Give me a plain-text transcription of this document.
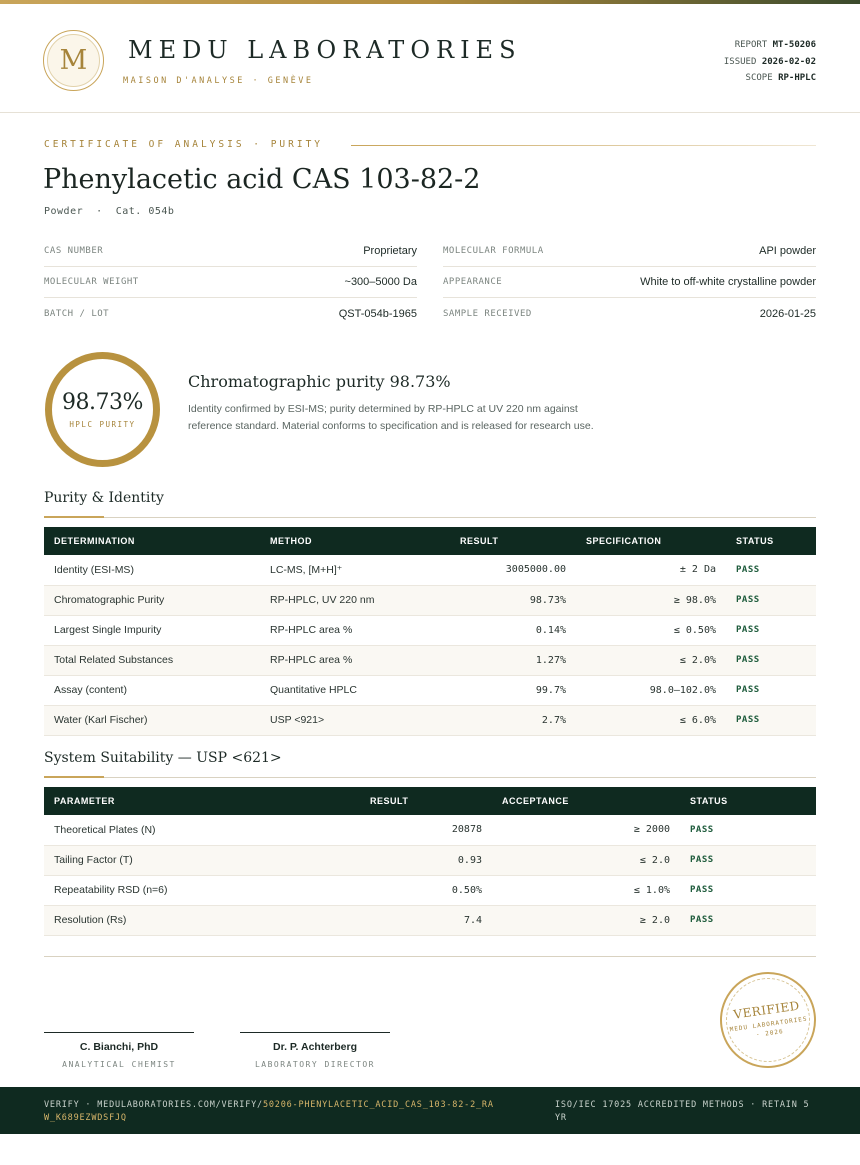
M	MEDU LABORATORIES
MAISON D'ANALYSE · GENÈVE
REPORT MT-50206
ISSUED 2026-02-02
SCOPE RP-HPLC
CERTIFICATE OF ANALYSIS · PURITY
Phenylacetic acid CAS 103-82-2
Powder  ·  Cat. 054b
CAS NUMBER	Proprietary
MOLECULAR WEIGHT	~300–5000 Da
BATCH / LOT	QST-054b-1965
MOLECULAR FORMULA	API powder
APPEARANCE	White to off-white crystalline powder
SAMPLE RECEIVED	2026-01-25
98.73%
HPLC PURITY
Chromatographic purity 98.73%
Identity confirmed by ESI-MS; purity determined by RP-HPLC at UV 220 nm against reference standard. Material conforms to specification and is released for research use.
Purity & Identity
DETERMINATION	METHOD	RESULT	SPECIFICATION	STATUS
Identity (ESI-MS)	LC-MS, [M+H]⁺	3005000.00	± 2 Da	PASS
Chromatographic Purity	RP-HPLC, UV 220 nm	98.73%	≥ 98.0%	PASS
Largest Single Impurity	RP-HPLC area %	0.14%	≤ 0.50%	PASS
Total Related Substances	RP-HPLC area %	1.27%	≤ 2.0%	PASS
Assay (content)	Quantitative HPLC	99.7%	98.0–102.0%	PASS
Water (Karl Fischer)	USP <921>	2.7%	≤ 6.0%	PASS
System Suitability — USP <621>
PARAMETER	RESULT	ACCEPTANCE	STATUS
Theoretical Plates (N)	20878	≥ 2000	PASS
Tailing Factor (T)	0.93	≤ 2.0	PASS
Repeatability RSD (n=6)	0.50%	≤ 1.0%	PASS
Resolution (Rs)	7.4	≥ 2.0	PASS
C. Bianchi, PhD
ANALYTICAL CHEMIST
Dr. P. Achterberg
LABORATORY DIRECTOR
VERIFIED
MEDU LABORATORIES · 2026
VERIFY · MEDULABORATORIES.COM/VERIFY/50206-PHENYLACETIC_ACID_CAS_103-82-2_RAW_K689EZWDSFJQ
ISO/IEC 17025 ACCREDITED METHODS · RETAIN 5 YR
